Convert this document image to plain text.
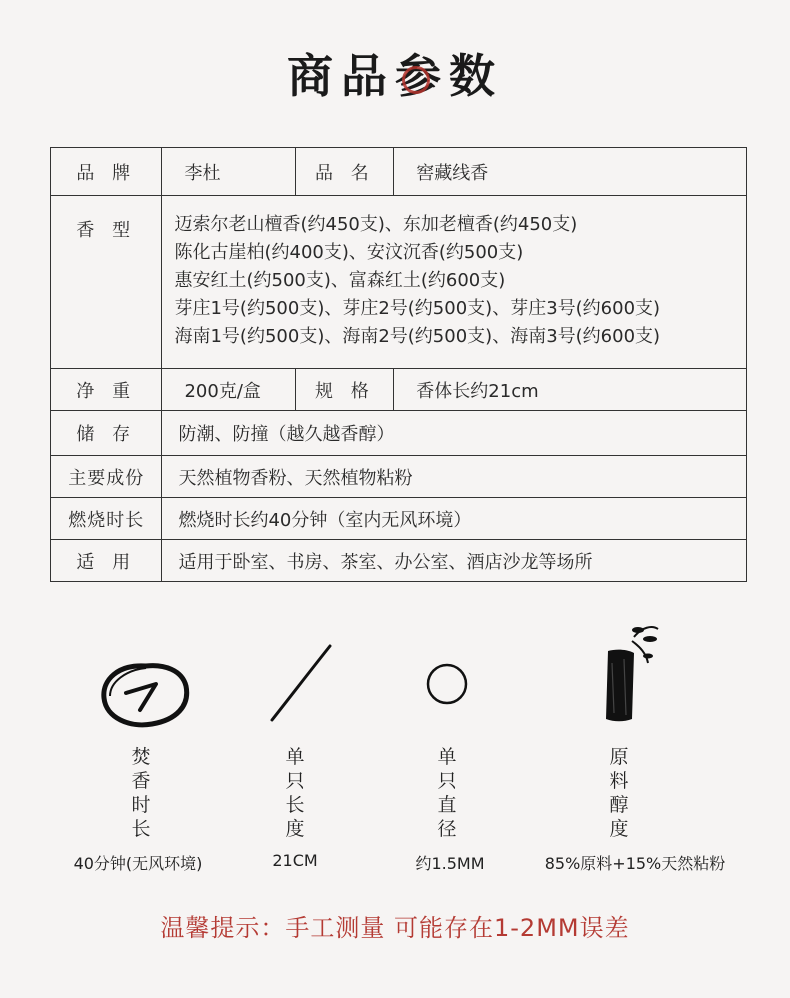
商品参数
品 牌	李杜	品 名	窖藏线香
香 型	迈索尔老山檀香(约450支)、东加老檀香(约450支)
陈化古崖柏(约400支)、安汶沉香(约500支)
惠安红土(约500支)、富森红土(约600支)
芽庄1号(约500支)、芽庄2号(约500支)、芽庄3号(约600支)
海南1号(约500支)、海南2号(约500支)、海南3号(约600支)		

净 重	200克/盒	规 格	香体长约21cm
储 存	防潮、防撞（越久越香醇）		
主要成份	天然植物香粉、天然植物粘粉		
燃烧时长	燃烧时长约40分钟（室内无风环境）		
适 用	适用于卧室、书房、茶室、办公室、酒店沙龙等场所		
焚
香
时
长
单
只
长
度
单
只
直
径
原
料
醇
度
40分钟(无风环境)	21CM	约1.5MM	85%原料+15%天然粘粉
温馨提示：手工测量 可能存在1-2MM误差
